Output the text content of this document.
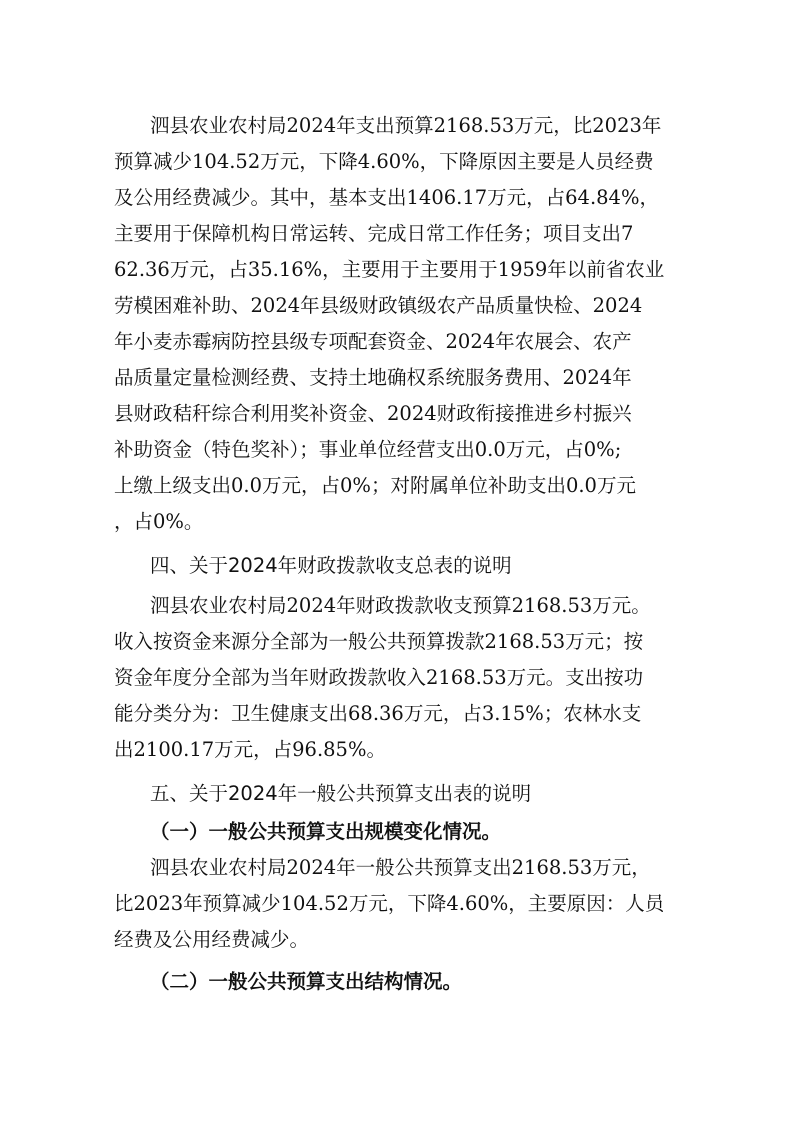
泗县农业农村局2024年支出预算2168.53万元，比2023年
预算减少104.52万元，下降4.60%，下降原因主要是人员经费
及公用经费减少。其中，基本支出1406.17万元，占64.84%，
主要用于保障机构日常运转、完成日常工作任务；项目支出7
62.36万元，占35.16%，主要用于主要用于1959年以前省农业
劳模困难补助、2024年县级财政镇级农产品质量快检、2024
年小麦赤霉病防控县级专项配套资金、2024年农展会、农产
品质量定量检测经费、支持土地确权系统服务费用、2024年
县财政秸秆综合利用奖补资金、2024财政衔接推进乡村振兴
补助资金（特色奖补）；事业单位经营支出0.0万元，占0%;
上缴上级支出0.0万元，占0%；对附属单位补助支出0.0万元
，占0%。
四、关于2024年财政拨款收支总表的说明
泗县农业农村局2024年财政拨款收支预算2168.53万元。
收入按资金来源分全部为一般公共预算拨款2168.53万元；按
资金年度分全部为当年财政拨款收入2168.53万元。支出按功
能分类分为：卫生健康支出68.36万元，占3.15%；农林水支
出2100.17万元，占96.85%。
五、关于2024年一般公共预算支出表的说明
（一）一般公共预算支出规模变化情况。
泗县农业农村局2024年一般公共预算支出2168.53万元，
比2023年预算减少104.52万元，下降4.60%，主要原因：人员
经费及公用经费减少。
（二）一般公共预算支出结构情况。
